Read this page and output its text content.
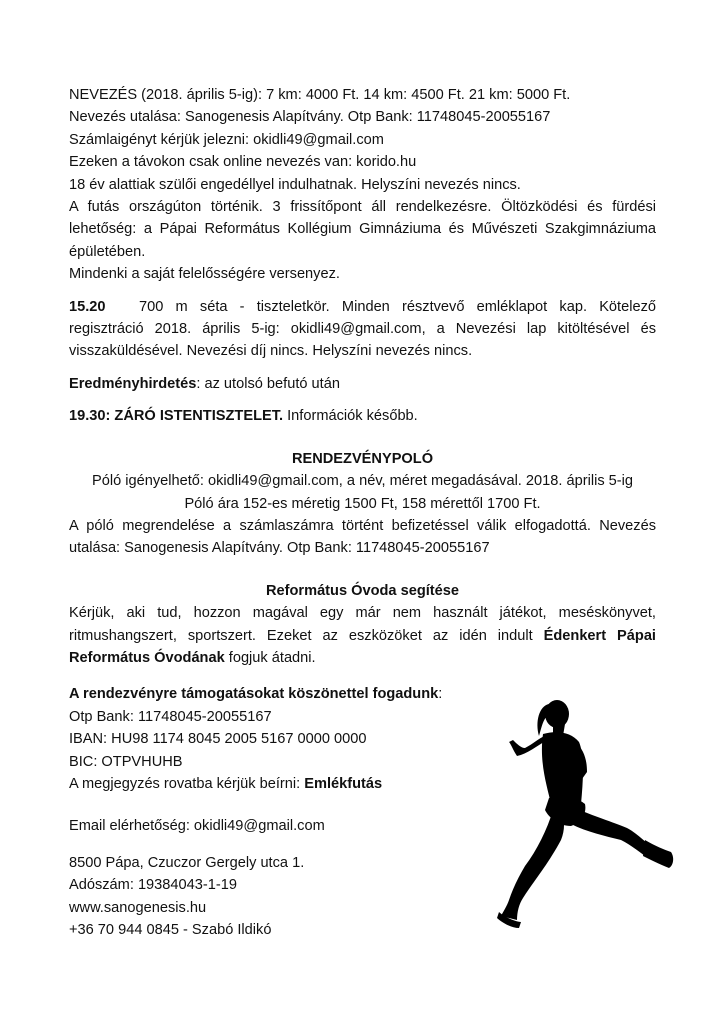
NEVEZÉS (2018. április 5-ig): 7 km: 4000 Ft. 14 km: 4500 Ft. 21 km: 5000 Ft.
Nevezés utalása: Sanogenesis Alapítvány. Otp Bank: 11748045-20055167
Számlaigényt kérjük jelezni: okidli49@gmail.com
Ezeken a távokon csak online nevezés van: korido.hu
18 év alattiak szülői engedéllyel indulhatnak. Helyszíni nevezés nincs.
A futás országúton történik. 3 frissítőpont áll rendelkezésre. Öltözködési és fürdési lehetőség: a Pápai Református Kollégium Gimnáziuma és Művészeti Szakgimnáziuma épületében.
Mindenki a saját felelősségére versenyez.
15.20 700 m séta - tiszteletkör. Minden résztvevő emléklapot kap. Kötelező regisztráció 2018. április 5-ig: okidli49@gmail.com, a Nevezési lap kitöltésével és visszaküldésével. Nevezési díj nincs. Helyszíni nevezés nincs.
Eredményhirdetés: az utolsó befutó után
19.30: ZÁRÓ ISTENTISZTELET. Információk később.
RENDEZVÉNYPOLÓ
Póló igényelhető: okidli49@gmail.com, a név, méret megadásával. 2018. április 5-ig
Póló ára 152-es méretig 1500 Ft, 158 mérettől 1700 Ft.
A póló megrendelése a számlaszámra történt befizetéssel válik elfogadottá. Nevezés utalása: Sanogenesis Alapítvány. Otp Bank: 11748045-20055167
Református Óvoda segítése
Kérjük, aki tud, hozzon magával egy már nem használt játékot, meséskönyvet, ritmushangszert, sportszert. Ezeket az eszközöket az idén indult Édenkert Pápai Református Óvodának fogjuk átadni.
A rendezvényre támogatásokat köszönettel fogadunk:
Otp Bank: 11748045-20055167
IBAN: HU98 1174 8045 2005 5167 0000 0000
BIC: OTPVHUHB
A megjegyzés rovatba kérjük beírni: Emlékfutás
Email elérhetőség: okidli49@gmail.com
8500 Pápa, Czuczor Gergely utca 1.
Adószám: 19384043-1-19
www.sanogenesis.hu
+36 70 944 0845 - Szabó Ildikó
